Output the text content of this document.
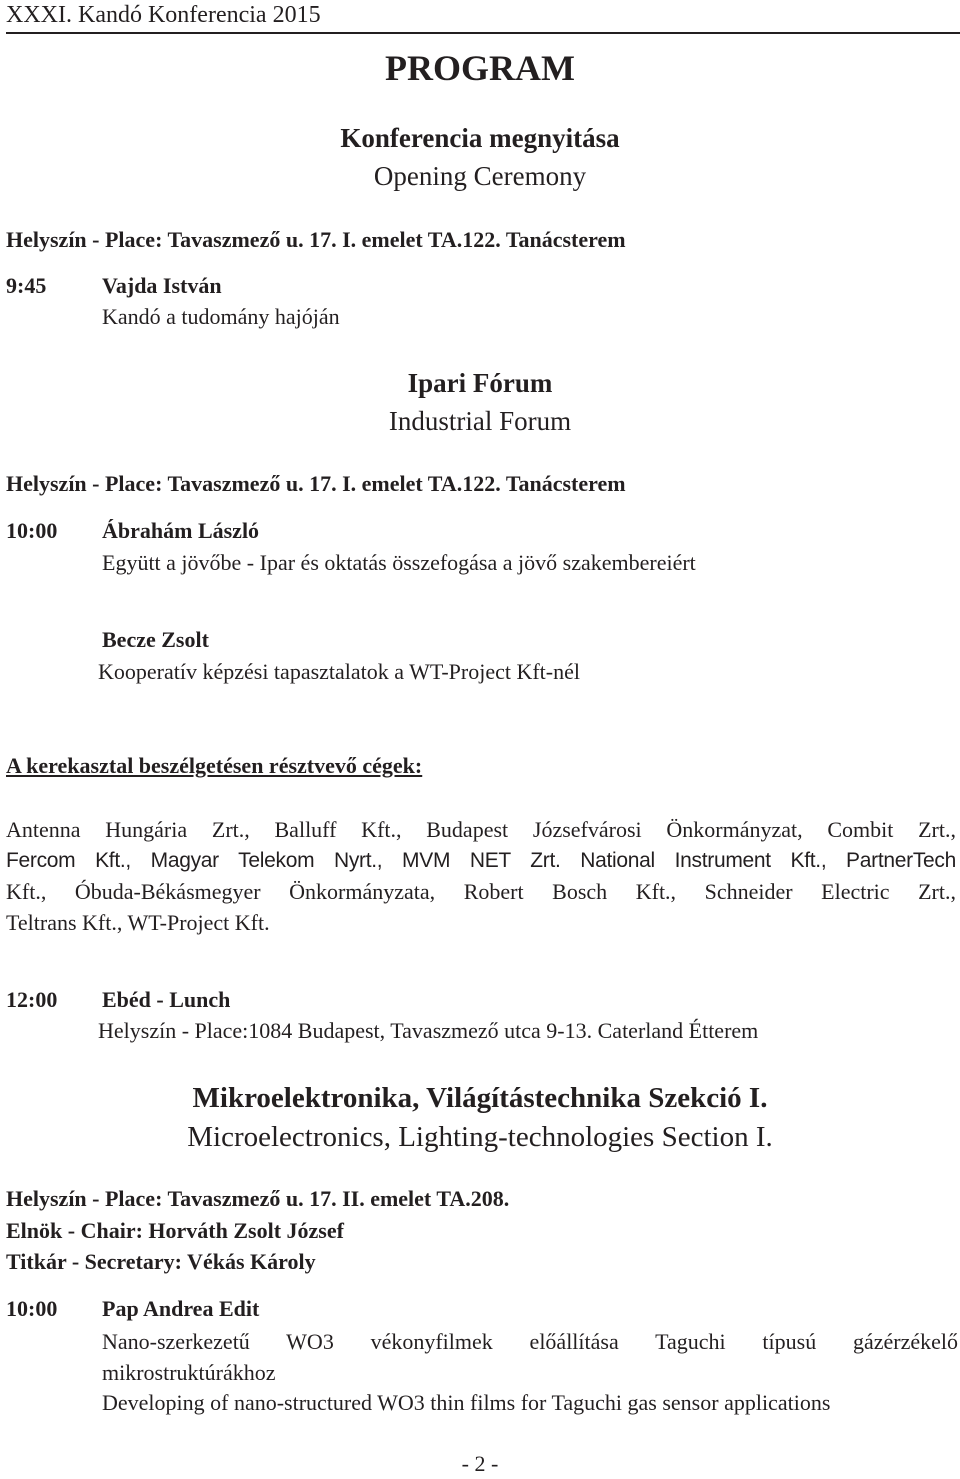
XXXI. Kandó Konferencia 2015
PROGRAM
Konferencia megnyitása
Opening Ceremony
Helyszín - Place: Tavaszmező u. 17. I. emelet TA.122. Tanácsterem
9:45	Vajda István
Kandó a tudomány hajóján
Ipari Fórum
Industrial Forum
Helyszín - Place: Tavaszmező u. 17. I. emelet TA.122. Tanácsterem
10:00 Ábrahám László
Együtt a jövőbe - Ipar és oktatás összefogása a jövő szakembereiért
Becze Zsolt
Kooperatív képzési tapasztalatok a WT-Project Kft-nél
A kerekasztal beszélgetésen résztvevő cégek:
Antenna Hungária Zrt., Balluff Kft., Budapest Józsefvárosi Önkormányzat, Combit Zrt.,
Fercom Kft., Magyar Telekom Nyrt., MVM NET Zrt. National Instrument Kft., PartnerTech
Kft., Óbuda-Békásmegyer Önkormányzata, Robert Bosch Kft., Schneider Electric Zrt.,
Teltrans Kft., WT-Project Kft.
12:00 Ebéd - Lunch
Helyszín - Place:1084 Budapest, Tavaszmező utca 9-13. Caterland Étterem
Mikroelektronika, Világítástechnika Szekció I.
Microelectronics, Lighting-technologies Section I.
Helyszín - Place: Tavaszmező u. 17. II. emelet TA.208.
Elnök - Chair: Horváth Zsolt József
Titkár - Secretary: Vékás Károly
10:00 Pap Andrea Edit
Nano-szerkezetű WO3 vékonyfilmek előállítása Taguchi típusú gázérzékelő
mikrostruktúrákhoz
Developing of nano-structured WO3 thin films for Taguchi gas sensor applications
- 2 -
